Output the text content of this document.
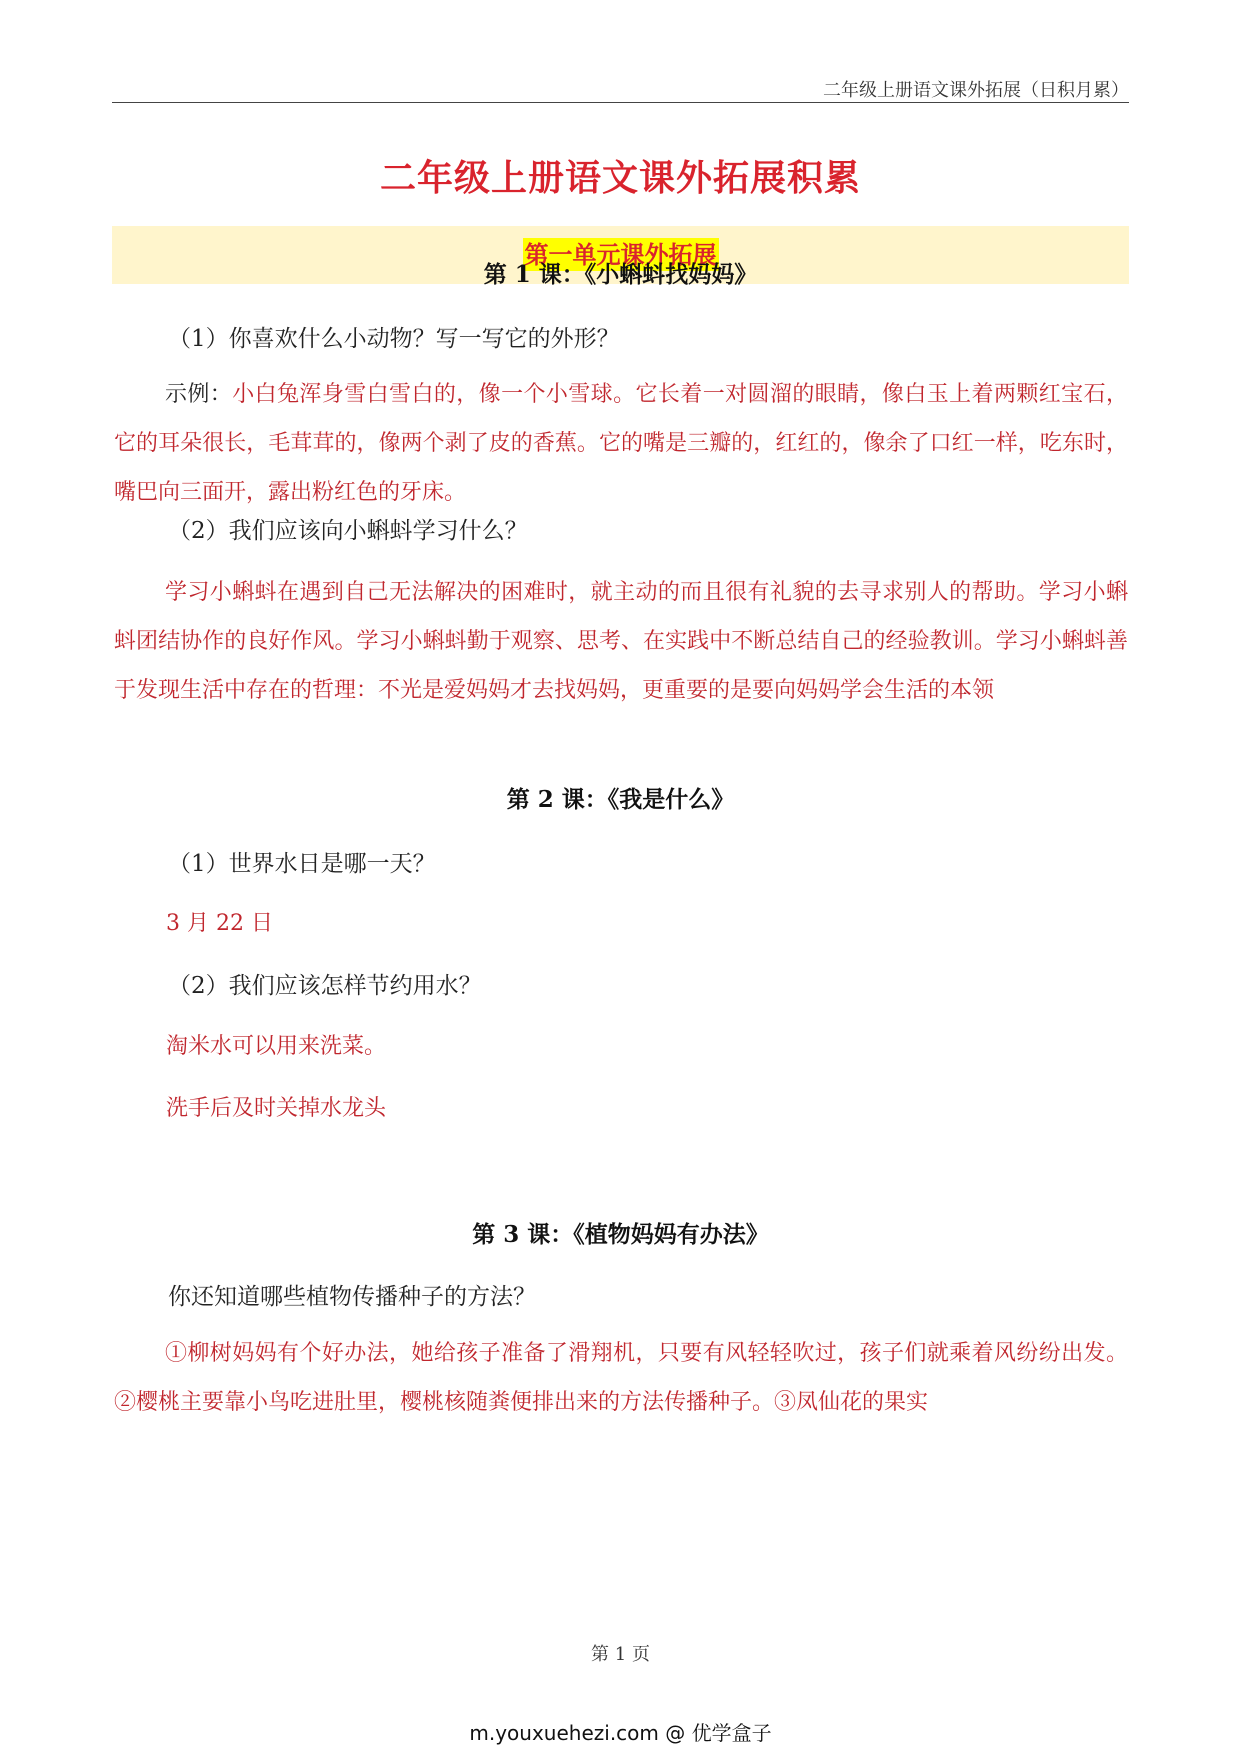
二年级上册语文课外拓展（日积月累）
二年级上册语文课外拓展积累
第一单元课外拓展
第 1 课：《小蝌蚪找妈妈》
（1）你喜欢什么小动物？写一写它的外形？
示例：小白兔浑身雪白雪白的，像一个小雪球。它长着一对圆溜的眼睛，像白玉上着两颗红宝石，它的耳朵很长，毛茸茸的，像两个剥了皮的香蕉。它的嘴是三瓣的，红红的，像余了口红一样，吃东时，嘴巴向三面开，露出粉红色的牙床。
（2）我们应该向小蝌蚪学习什么？
学习小蝌蚪在遇到自己无法解决的困难时，就主动的而且很有礼貌的去寻求别人的帮助。学习小蝌蚪团结协作的良好作风。学习小蝌蚪勤于观察、思考、在实践中不断总结自己的经验教训。学习小蝌蚪善于发现生活中存在的哲理：不光是爱妈妈才去找妈妈，更重要的是要向妈妈学会生活的本领
第 2 课：《我是什么》
（1）世界水日是哪一天？
3 月 22 日
（2）我们应该怎样节约用水？
淘米水可以用来洗菜。
洗手后及时关掉水龙头
第 3 课：《植物妈妈有办法》
你还知道哪些植物传播种子的方法？
①柳树妈妈有个好办法，她给孩子准备了滑翔机，只要有风轻轻吹过，孩子们就乘着风纷纷出发。②樱桃主要靠小鸟吃进肚里，樱桃核随粪便排出来的方法传播种子。③凤仙花的果实
第 1 页
m.youxuehezi.com @ 优学盒子
